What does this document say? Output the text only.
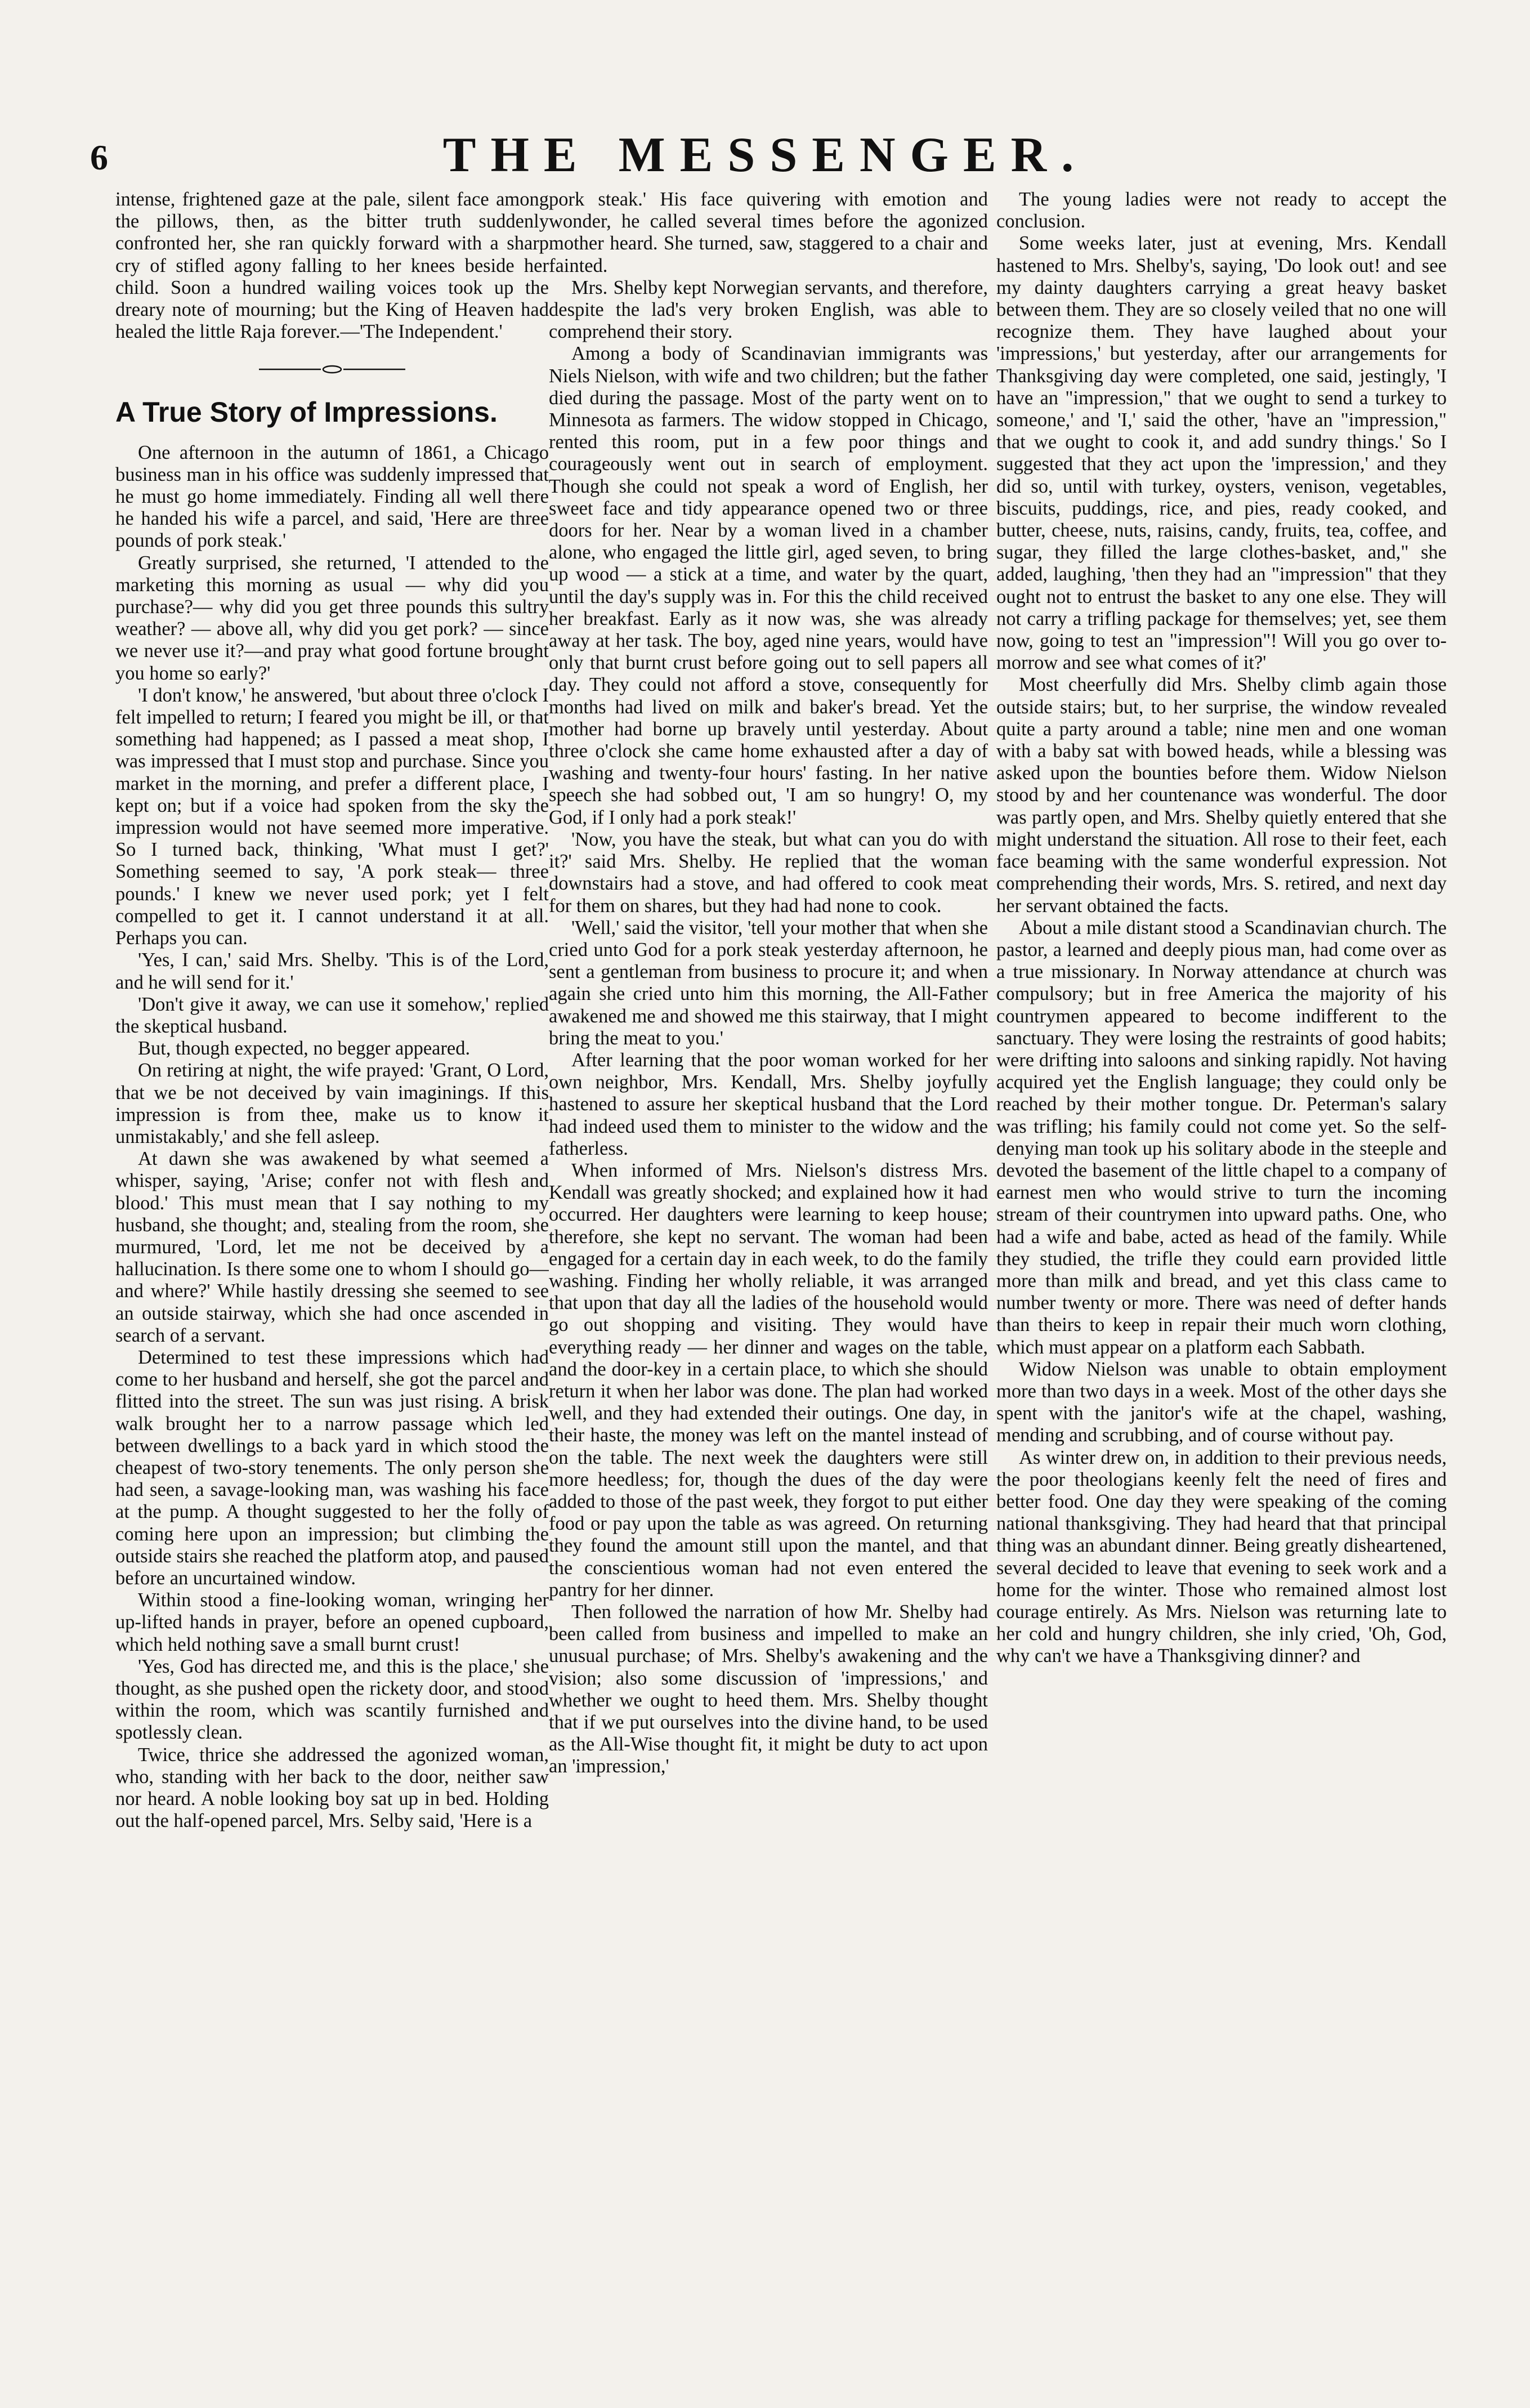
6	THE MESSENGER.

intense, frightened gaze at the pale, silent face among the pillows, then, as the bitter truth suddenly confronted her, she ran quickly forward with a sharp cry of stifled agony falling to her knees beside her child. Soon a hundred wailing voices took up the dreary note of mourning; but the King of Heaven had healed the little Raja forever.—'The Independent.'

A True Story of Impressions.

One afternoon in the autumn of 1861, a Chicago business man in his office was suddenly impressed that he must go home immediately. Finding all well there he handed his wife a parcel, and said, 'Here are three pounds of pork steak.'

Greatly surprised, she returned, 'I attended to the marketing this morning as usual — why did you purchase?— why did you get three pounds this sultry weather? — above all, why did you get pork? — since we never use it?—and pray what good fortune brought you home so early?'

'I don't know,' he answered, 'but about three o'clock I felt impelled to return; I feared you might be ill, or that something had happened; as I passed a meat shop, I was impressed that I must stop and purchase. Since you market in the morning, and prefer a different place, I kept on; but if a voice had spoken from the sky the impression would not have seemed more imperative. So I turned back, thinking, 'What must I get?' Something seemed to say, 'A pork steak— three pounds.' I knew we never used pork; yet I felt compelled to get it. I cannot understand it at all. Perhaps you can.

'Yes, I can,' said Mrs. Shelby. 'This is of the Lord, and he will send for it.'

'Don't give it away, we can use it somehow,' replied the skeptical husband.

But, though expected, no begger appeared.

On retiring at night, the wife prayed: 'Grant, O Lord, that we be not deceived by vain imaginings. If this impression is from thee, make us to know it unmistakably,' and she fell asleep.

At dawn she was awakened by what seemed a whisper, saying, 'Arise; confer not with flesh and blood.' This must mean that I say nothing to my husband, she thought; and, stealing from the room, she murmured, 'Lord, let me not be deceived by a hallucination. Is there some one to whom I should go—and where?' While hastily dressing she seemed to see an outside stairway, which she had once ascended in search of a servant.

Determined to test these impressions which had come to her husband and herself, she got the parcel and flitted into the street. The sun was just rising. A brisk walk brought her to a narrow passage which led between dwellings to a back yard in which stood the cheapest of two-story tenements. The only person she had seen, a savage-looking man, was washing his face at the pump. A thought suggested to her the folly of coming here upon an impression; but climbing the outside stairs she reached the platform atop, and paused before an uncurtained window.

Within stood a fine-looking woman, wringing her up-lifted hands in prayer, before an opened cupboard, which held nothing save a small burnt crust!

'Yes, God has directed me, and this is the place,' she thought, as she pushed open the rickety door, and stood within the room, which was scantily furnished and spotlessly clean.

Twice, thrice she addressed the agonized woman, who, standing with her back to the door, neither saw nor heard. A noble looking boy sat up in bed. Holding out the half-opened parcel, Mrs. Selby said, 'Here is a

pork steak.' His face quivering with emotion and wonder, he called several times before the agonized mother heard. She turned, saw, staggered to a chair and fainted.

Mrs. Shelby kept Norwegian servants, and therefore, despite the lad's very broken English, was able to comprehend their story.

Among a body of Scandinavian immigrants was Niels Nielson, with wife and two children; but the father died during the passage. Most of the party went on to Minnesota as farmers. The widow stopped in Chicago, rented this room, put in a few poor things and courageously went out in search of employment. Though she could not speak a word of English, her sweet face and tidy appearance opened two or three doors for her. Near by a woman lived in a chamber alone, who engaged the little girl, aged seven, to bring up wood — a stick at a time, and water by the quart, until the day's supply was in. For this the child received her breakfast. Early as it now was, she was already away at her task. The boy, aged nine years, would have only that burnt crust before going out to sell papers all day. They could not afford a stove, consequently for months had lived on milk and baker's bread. Yet the mother had borne up bravely until yesterday. About three o'clock she came home exhausted after a day of washing and twenty-four hours' fasting. In her native speech she had sobbed out, 'I am so hungry! O, my God, if I only had a pork steak!'

'Now, you have the steak, but what can you do with it?' said Mrs. Shelby. He replied that the woman downstairs had a stove, and had offered to cook meat for them on shares, but they had had none to cook.

'Well,' said the visitor, 'tell your mother that when she cried unto God for a pork steak yesterday afternoon, he sent a gentleman from business to procure it; and when again she cried unto him this morning, the All-Father awakened me and showed me this stairway, that I might bring the meat to you.'

After learning that the poor woman worked for her own neighbor, Mrs. Kendall, Mrs. Shelby joyfully hastened to assure her skeptical husband that the Lord had indeed used them to minister to the widow and the fatherless.

When informed of Mrs. Nielson's distress Mrs. Kendall was greatly shocked; and explained how it had occurred. Her daughters were learning to keep house; therefore, she kept no servant. The woman had been engaged for a certain day in each week, to do the family washing. Finding her wholly reliable, it was arranged that upon that day all the ladies of the household would go out shopping and visiting. They would have everything ready — her dinner and wages on the table, and the door-key in a certain place, to which she should return it when her labor was done. The plan had worked well, and they had extended their outings. One day, in their haste, the money was left on the mantel instead of on the table. The next week the daughters were still more heedless; for, though the dues of the day were added to those of the past week, they forgot to put either food or pay upon the table as was agreed. On returning they found the amount still upon the mantel, and that the conscientious woman had not even entered the pantry for her dinner.

Then followed the narration of how Mr. Shelby had been called from business and impelled to make an unusual purchase; of Mrs. Shelby's awakening and the vision; also some discussion of 'impressions,' and whether we ought to heed them. Mrs. Shelby thought that if we put ourselves into the divine hand, to be used as the All-Wise thought fit, it might be duty to act upon an 'impression,'

The young ladies were not ready to accept the conclusion.

Some weeks later, just at evening, Mrs. Kendall hastened to Mrs. Shelby's, saying, 'Do look out! and see my dainty daughters carrying a great heavy basket between them. They are so closely veiled that no one will recognize them. They have laughed about your 'impressions,' but yesterday, after our arrangements for Thanksgiving day were completed, one said, jestingly, 'I have an "impression," that we ought to send a turkey to someone,' and 'I,' said the other, 'have an "impression," that we ought to cook it, and add sundry things.' So I suggested that they act upon the 'impression,' and they did so, until with turkey, oysters, venison, vegetables, biscuits, puddings, rice, and pies, ready cooked, and butter, cheese, nuts, raisins, candy, fruits, tea, coffee, and sugar, they filled the large clothes-basket, and," she added, laughing, 'then they had an "impression" that they ought not to entrust the basket to any one else. They will not carry a trifling package for themselves; yet, see them now, going to test an "impression"! Will you go over to-morrow and see what comes of it?'

Most cheerfully did Mrs. Shelby climb again those outside stairs; but, to her surprise, the window revealed quite a party around a table; nine men and one woman with a baby sat with bowed heads, while a blessing was asked upon the bounties before them. Widow Nielson stood by and her countenance was wonderful. The door was partly open, and Mrs. Shelby quietly entered that she might understand the situation. All rose to their feet, each face beaming with the same wonderful expression. Not comprehending their words, Mrs. S. retired, and next day her servant obtained the facts.

About a mile distant stood a Scandinavian church. The pastor, a learned and deeply pious man, had come over as a true missionary. In Norway attendance at church was compulsory; but in free America the majority of his countrymen appeared to become indifferent to the sanctuary. They were losing the restraints of good habits; were drifting into saloons and sinking rapidly. Not having acquired yet the English language; they could only be reached by their mother tongue. Dr. Peterman's salary was trifling; his family could not come yet. So the self-denying man took up his solitary abode in the steeple and devoted the basement of the little chapel to a company of earnest men who would strive to turn the incoming stream of their countrymen into upward paths. One, who had a wife and babe, acted as head of the family. While they studied, the trifle they could earn provided little more than milk and bread, and yet this class came to number twenty or more. There was need of defter hands than theirs to keep in repair their much worn clothing, which must appear on a platform each Sabbath.

Widow Nielson was unable to obtain employment more than two days in a week. Most of the other days she spent with the janitor's wife at the chapel, washing, mending and scrubbing, and of course without pay.

As winter drew on, in addition to their previous needs, the poor theologians keenly felt the need of fires and better food. One day they were speaking of the coming national thanksgiving. They had heard that that principal thing was an abundant dinner. Being greatly disheartened, several decided to leave that evening to seek work and a home for the winter. Those who remained almost lost courage entirely. As Mrs. Nielson was returning late to her cold and hungry children, she inly cried, 'Oh, God, why can't we have a Thanksgiving dinner? and
